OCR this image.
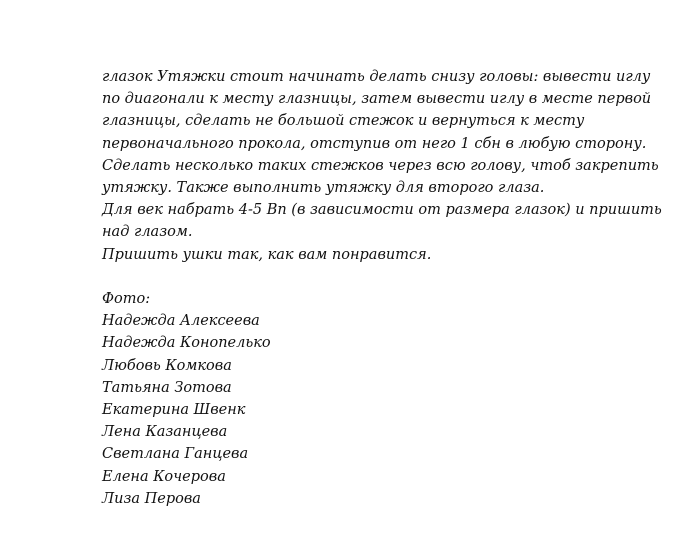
глазок Утяжки стоит начинать делать снизу головы: вывести иглу
по диагонали к месту глазницы, затем вывести иглу в месте первой
глазницы, сделать не большой стежок и вернуться к месту
первоначального прокола, отступив от него 1 сбн в любую сторону.
Сделать несколько таких стежков через всю голову, чтоб закрепить
утяжку. Также выполнить утяжку для второго глаза.
Для век набрать 4-5 Вп (в зависимости от размера глазок) и пришить
над глазом.
Пришить ушки так, как вам понравится.
Фото:
Надежда Алексеева
Надежда Конопелько
Любовь Комкова
Татьяна Зотова
Екатерина Швенк
Лена Казанцева
Светлана Ганцева
Елена Кочерова
Лиза Перова
